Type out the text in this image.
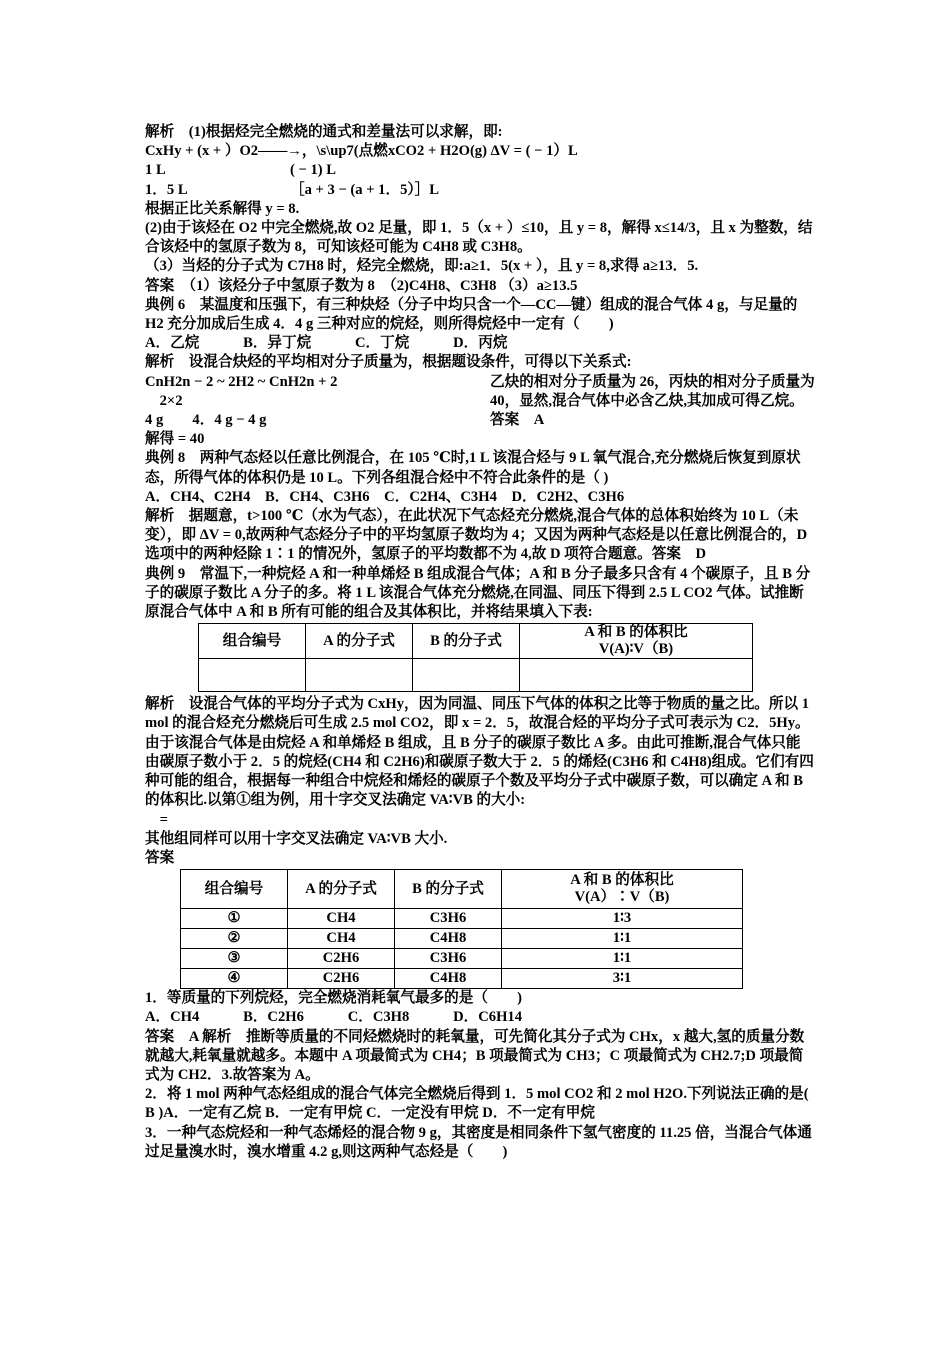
解析　(1)根据烃完全燃烧的通式和差量法可以求解，即:
CxHy + (x + ）O2——→，\s\up7(点燃xCO2 + H2O(g) ΔV = ( − 1）L
1 L	( − 1) L
1．5 L	［a + 3 − (a + 1．5）］L
根据正比关系解得 y = 8.
(2)由于该烃在 O2 中完全燃烧,故 O2 足量，即 1．5（x + ）≤10，且 y = 8，解得 x≤14/3，且 x 为整数，结合该烃中的氢原子数为 8，可知该烃可能为 C4H8 或 C3H8。
（3）当烃的分子式为 C7H8 时，烃完全燃烧，即:a≥1．5(x + ），且 y = 8,求得 a≥13．5.
答案　（1）该烃分子中氢原子数为 8　（2)C4H8、C3H8 （3）a≥13.5
典例 6　某温度和压强下，有三种炔烃（分子中均只含一个—CC—键）组成的混合气体 4 g，与足量的 H2 充分加成后生成 4．4 g 三种对应的烷烃，则所得烷烃中一定有（　　)
A．乙烷　　　B．异丁烷　　　C．丁烷　　　D．丙烷
解析　设混合炔烃的平均相对分子质量为，根据题设条件，可得以下关系式:
CnH2n − 2 ~ 2H2 ~ CnH2n + 2
　2×2
4 g　　4．4 g − 4 g
解得 = 40
乙炔的相对分子质量为 26，丙炔的相对分子质量为 40，显然,混合气体中必含乙炔,其加成可得乙烷。答案　A
典例 8　两种气态烃以任意比例混合，在 105 ℃时,1 L 该混合烃与 9 L 氧气混合,充分燃烧后恢复到原状态，所得气体的体积仍是 10 L。下列各组混合烃中不符合此条件的是（ )
A．CH4、C2H4　B．CH4、C3H6　C．C2H4、C3H4　D．C2H2、C3H6
解析　据题意，t>100 ℃（水为气态），在此状况下气态烃充分燃烧,混合气体的总体积始终为 10 L（未变），即 ΔV = 0,故两种气态烃分子中的平均氢原子数均为 4；又因为两种气态烃是以任意比例混合的，D 选项中的两种烃除 1∶1 的情况外，氢原子的平均数都不为 4,故 D 项符合题意。答案　D
典例 9　常温下,一种烷烃 A 和一种单烯烃 B 组成混合气体；A 和 B 分子最多只含有 4 个碳原子，且 B 分子的碳原子数比 A 分子的多。将 1 L 该混合气体充分燃烧,在同温、同压下得到 2.5 L CO2 气体。试推断原混合气体中 A 和 B 所有可能的组合及其体积比，并将结果填入下表:
组合编号	A 的分子式	B 的分子式	A 和 B 的体积比
V(A)∶V（B)

解析　设混合气体的平均分子式为 CxHy，因为同温、同压下气体的体积之比等于物质的量之比。所以 1 mol 的混合烃充分燃烧后可生成 2.5 mol CO2，即 x = 2．5，故混合烃的平均分子式可表示为 C2．5Hy。由于该混合气体是由烷烃 A 和单烯烃 B 组成，且 B 分子的碳原子数比 A 多。由此可推断,混合气体只能由碳原子数小于 2．5 的烷烃(CH4 和 C2H6)和碳原子数大于 2．5 的烯烃(C3H6 和 C4H8)组成。它们有四种可能的组合，根据每一种组合中烷烃和烯烃的碳原子个数及平均分子式中碳原子数，可以确定 A 和 B 的体积比.以第①组为例，用十字交叉法确定 VA∶VB 的大小:
　=
其他组同样可以用十字交叉法确定 VA∶VB 大小.
答案
组合编号	A 的分子式	B 的分子式	A 和 B 的体积比
V(A）∶V（B)

①	CH4	C3H6	1∶3
②	CH4	C4H8	1∶1
③	C2H6	C3H6	1∶1
④	C2H6	C4H8	3∶1
1．等质量的下列烷烃，完全燃烧消耗氧气最多的是（　　)
A．CH4　　　B．C2H6　　　C．C3H8　　　D．C6H14
答案　A 解析　推断等质量的不同烃燃烧时的耗氧量，可先简化其分子式为 CHx，x 越大,氢的质量分数就越大,耗氧量就越多。本题中 A 项最简式为 CH4；B 项最简式为 CH3；C 项最简式为 CH2.7;D 项最简式为 CH2．3.故答案为 A。
2．将 1 mol 两种气态烃组成的混合气体完全燃烧后得到 1．5 mol CO2 和 2 mol H2O.下列说法正确的是( B )A．一定有乙烷 B．一定有甲烷 C．一定没有甲烷 D．不一定有甲烷
3．一种气态烷烃和一种气态烯烃的混合物 9 g，其密度是相同条件下氢气密度的 11.25 倍，当混合气体通过足量溴水时，溴水增重 4.2 g,则这两种气态烃是（　　)
